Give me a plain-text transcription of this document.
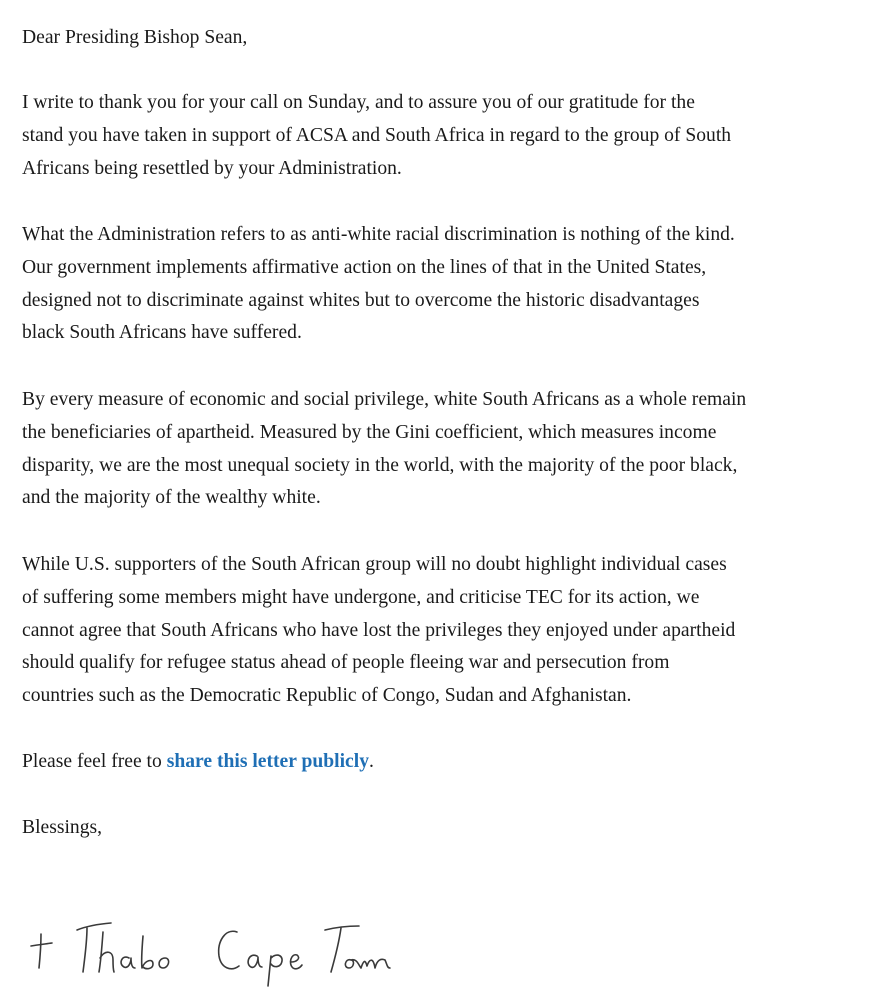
Dear Presiding Bishop Sean,

I write to thank you for your call on Sunday, and to assure you of our gratitude for the
stand you have taken in support of ACSA and South Africa in regard to the group of South
Africans being resettled by your Administration.

What the Administration refers to as anti-white racial discrimination is nothing of the kind.
Our government implements affirmative action on the lines of that in the United States,
designed not to discriminate against whites but to overcome the historic disadvantages
black South Africans have suffered.

By every measure of economic and social privilege, white South Africans as a whole remain
the beneficiaries of apartheid. Measured by the Gini coefficient, which measures income
disparity, we are the most unequal society in the world, with the majority of the poor black,
and the majority of the wealthy white.

While U.S. supporters of the South African group will no doubt highlight individual cases
of suffering some members might have undergone, and criticise TEC for its action, we
cannot agree that South Africans who have lost the privileges they enjoyed under apartheid
should qualify for refugee status ahead of people fleeing war and persecution from
countries such as the Democratic Republic of Congo, Sudan and Afghanistan.

Please feel free to share this letter publicly.

Blessings,
